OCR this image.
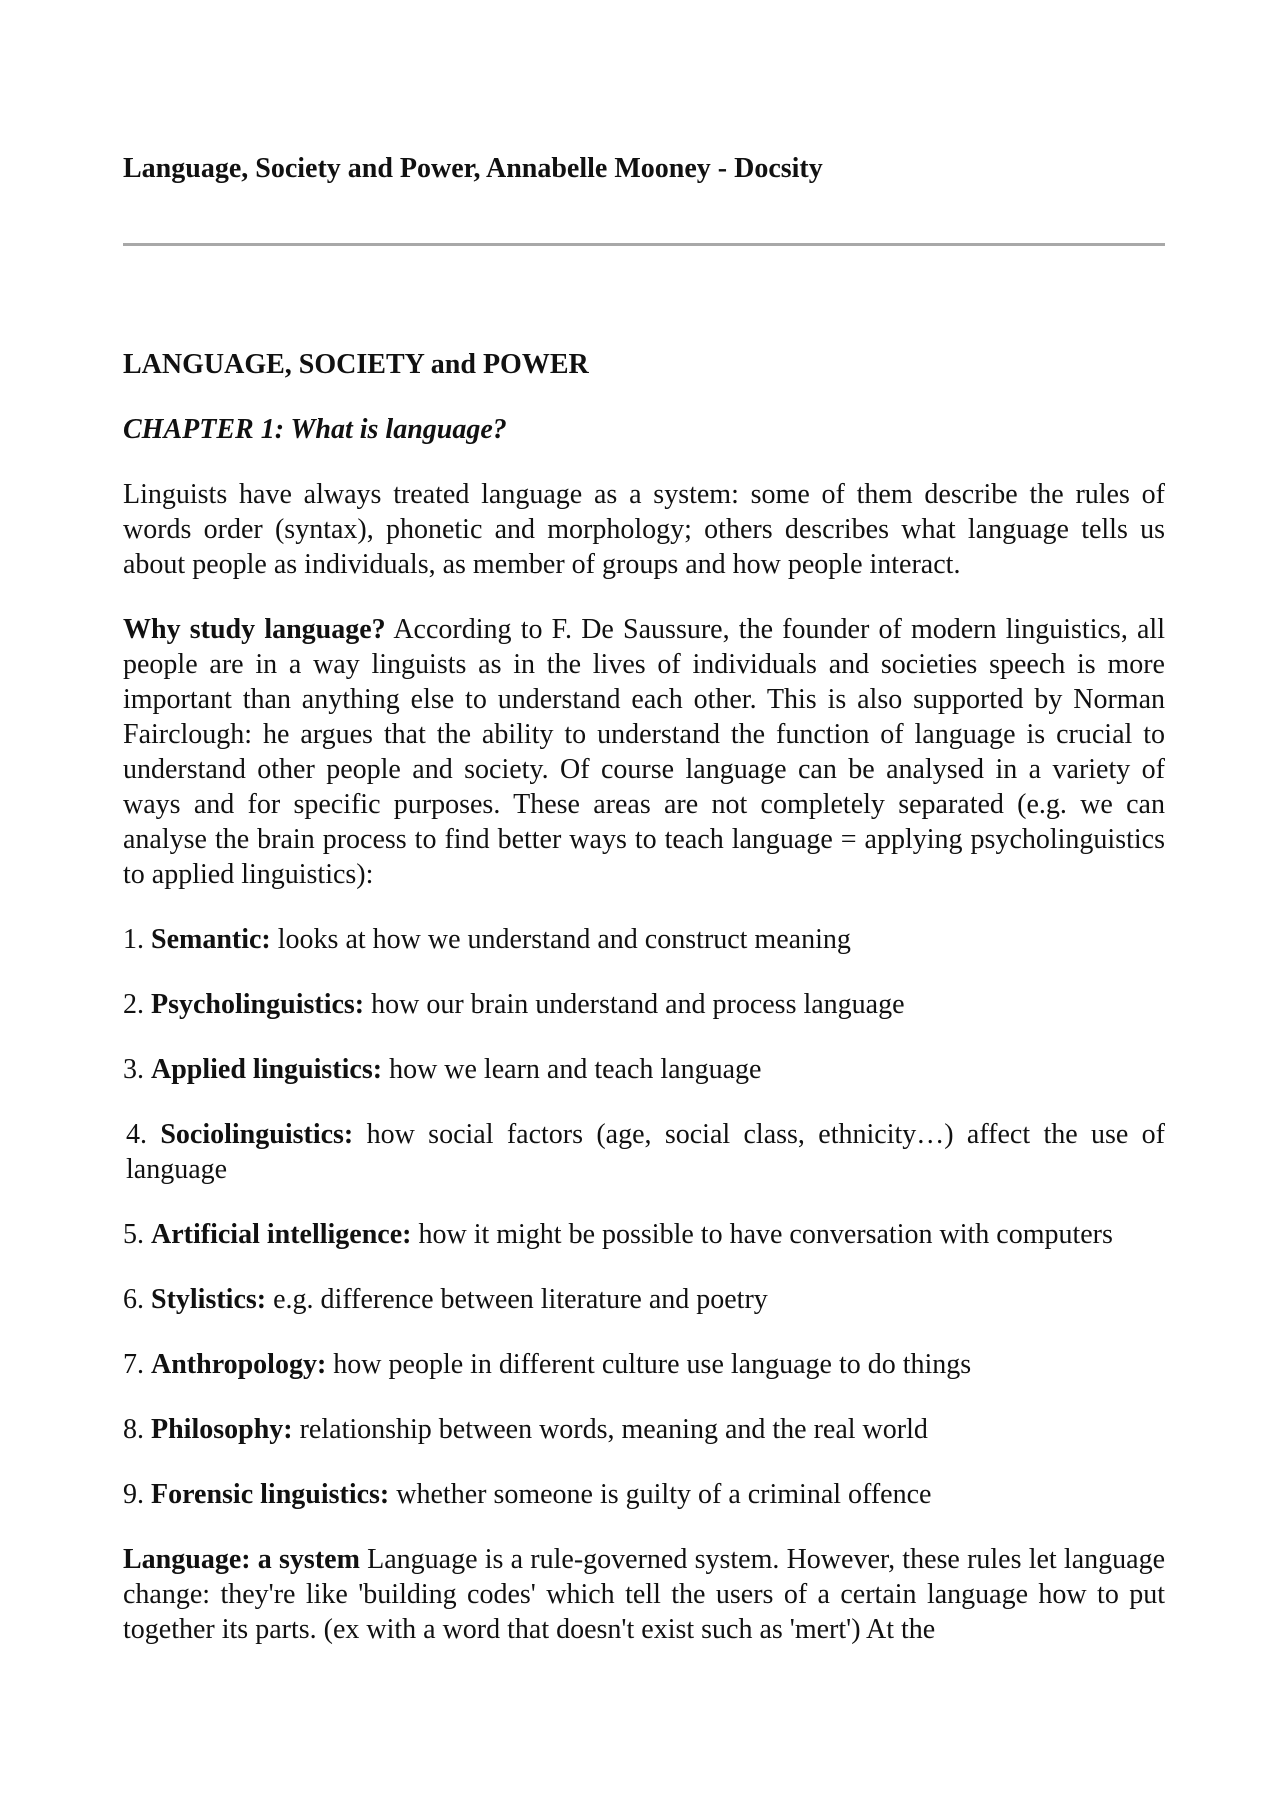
Language, Society and Power, Annabelle Mooney - Docsity

LANGUAGE, SOCIETY and POWER

CHAPTER 1: What is language?

Linguists have always treated language as a system: some of them describe the rules of words order (syntax), phonetic and morphology; others describes what language tells us about people as individuals, as member of groups and how people interact.

Why study language? According to F. De Saussure, the founder of modern linguistics, all people are in a way linguists as in the lives of individuals and societies speech is more important than anything else to understand each other. This is also supported by Norman Fairclough: he argues that the ability to understand the function of language is crucial to understand other people and society. Of course language can be analysed in a variety of ways and for specific purposes. These areas are not completely separated (e.g. we can analyse the brain process to find better ways to teach language = applying psycholinguistics to applied linguistics):

1. Semantic: looks at how we understand and construct meaning

2. Psycholinguistics: how our brain understand and process language

3. Applied linguistics: how we learn and teach language

4. Sociolinguistics: how social factors (age, social class, ethnicity…) affect the use of language

5. Artificial intelligence: how it might be possible to have conversation with computers

6. Stylistics: e.g. difference between literature and poetry

7. Anthropology: how people in different culture use language to do things

8. Philosophy: relationship between words, meaning and the real world

9. Forensic linguistics: whether someone is guilty of a criminal offence

Language: a system Language is a rule-governed system. However, these rules let language change: they're like 'building codes' which tell the users of a certain language how to put together its parts. (ex with a word that doesn't exist such as 'mert') At the
